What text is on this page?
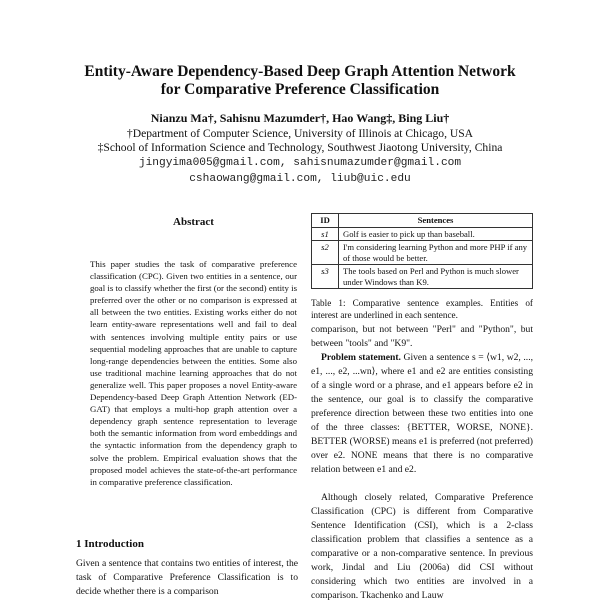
Entity-Aware Dependency-Based Deep Graph Attention Network
for Comparative Preference Classification
Nianzu Ma†, Sahisnu Mazumder†, Hao Wang‡, Bing Liu†
†Department of Computer Science, University of Illinois at Chicago, USA
‡School of Information Science and Technology, Southwest Jiaotong University, China
jingyima005@gmail.com, sahisnumazumder@gmail.com
cshaowang@gmail.com, liub@uic.edu
Abstract

This paper studies the task of comparative preference classification (CPC). Given two entities in a sentence, our goal is to classify whether the first (or the second) entity is preferred over the other or no comparison is expressed at all between the two entities. Existing works either do not learn entity-aware representations well and fail to deal with sentences involving multiple entity pairs or use sequential modeling approaches that are unable to capture long-range dependencies between the entities. Some also use traditional machine learning approaches that do not generalize well. This paper proposes a novel Entity-aware Dependency-based Deep Graph Attention Network (ED-GAT) that employs a multi-hop graph attention over a dependency graph sentence representation to leverage both the semantic information from word embeddings and the syntactic information from the dependency graph to solve the problem. Empirical evaluation shows that the proposed model achieves the state-of-the-art performance in comparative preference classification.

1 Introduction

Given a sentence that contains two entities of interest, the task of Comparative Preference Classification is to decide whether there is a comparison

ID	Sentences
s1	Golf is easier to pick up than baseball.
s2	I'm considering learning Python and more PHP if any of those would be better.
s3	The tools based on Perl and Python is much slower under Windows than K9.
Table 1: Comparative sentence examples. Entities of interest are underlined in each sentence.
comparison, but not between "Perl" and "Python", but between "tools" and "K9".
Problem statement. Given a sentence s = ⟨w1, w2, ..., e1, ..., e2, ...wn⟩, where e1 and e2 are entities consisting of a single word or a phrase, and e1 appears before e2 in the sentence, our goal is to classify the comparative preference direction between these two entities into one of the three classes: {BETTER, WORSE, NONE}. BETTER (WORSE) means e1 is preferred (not preferred) over e2. NONE means that there is no comparative relation between e1 and e2.
Although closely related, Comparative Preference Classification (CPC) is different from Comparative Sentence Identification (CSI), which is a 2-class classification problem that classifies a sentence as a comparative or a non-comparative sentence. In previous work, Jindal and Liu (2006a) did CSI without considering which two entities are involved in a comparison. Tkachenko and Lauw
